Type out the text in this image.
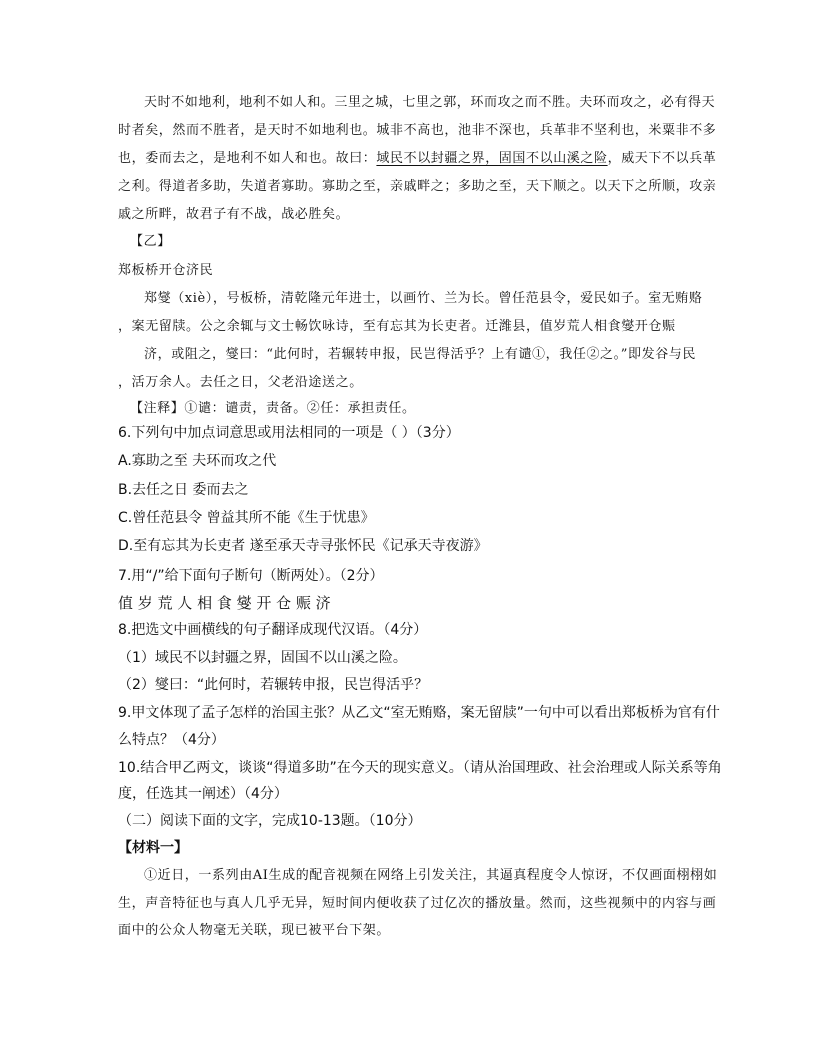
天时不如地利，地利不如人和。三里之城，七里之郭，环而攻之而不胜。夫环而攻之，必有得天
时者矣，然而不胜者，是天时不如地利也。城非不高也，池非不深也，兵革非不坚利也，米粟非不多
也，委而去之，是地利不如人和也。故曰：域民不以封疆之界，固国不以山溪之险，威天下不以兵革
之利。得道者多助，失道者寡助。寡助之至，亲戚畔之；多助之至，天下顺之。以天下之所顺，攻亲
戚之所畔，故君子有不战，战必胜矣。
【乙】
郑板桥开仓济民
郑燮（xiè），号板桥，清乾隆元年进士，以画竹、兰为长。曾任范县令，爱民如子。室无贿赂
，案无留牍。公之余辄与文士畅饮咏诗，至有忘其为长吏者。迁潍县，值岁荒人相食燮开仓赈
济，或阻之，燮曰：“此何时，若辗转申报，民岂得活乎？上有谴①，我任②之。”即发谷与民
，活万余人。去任之日，父老沿途送之。
【注释】①谴：谴责，责备。②任：承担责任。
6.下列句中加点词意思或用法相同的一项是（ ）（3分）
A.寡助之至 夫环而攻之代
B.去任之日 委而去之
C.曾任范县令 曾益其所不能《生于忧患》
D.至有忘其为长吏者 遂至承天寺寻张怀民《记承天寺夜游》
7.用“/”给下面句子断句（断两处）。（2分）
值 岁 荒 人 相 食 燮 开 仓 赈 济
8.把选文中画横线的句子翻译成现代汉语。（4分）
（1）域民不以封疆之界，固国不以山溪之险。
（2）燮曰：“此何时，若辗转申报，民岂得活乎？
9.甲文体现了孟子怎样的治国主张？从乙文“室无贿赂，案无留牍”一句中可以看出郑板桥为官有什
么特点？（4分）
10.结合甲乙两文，谈谈“得道多助”在今天的现实意义。（请从治国理政、社会治理或人际关系等角
度，任选其一阐述）（4分）
（二）阅读下面的文字，完成10-13题。（10分）
【材料一】
①近日，一系列由AI生成的配音视频在网络上引发关注，其逼真程度令人惊讶，不仅画面栩栩如
生，声音特征也与真人几乎无异，短时间内便收获了过亿次的播放量。然而，这些视频中的内容与画
面中的公众人物毫无关联，现已被平台下架。
